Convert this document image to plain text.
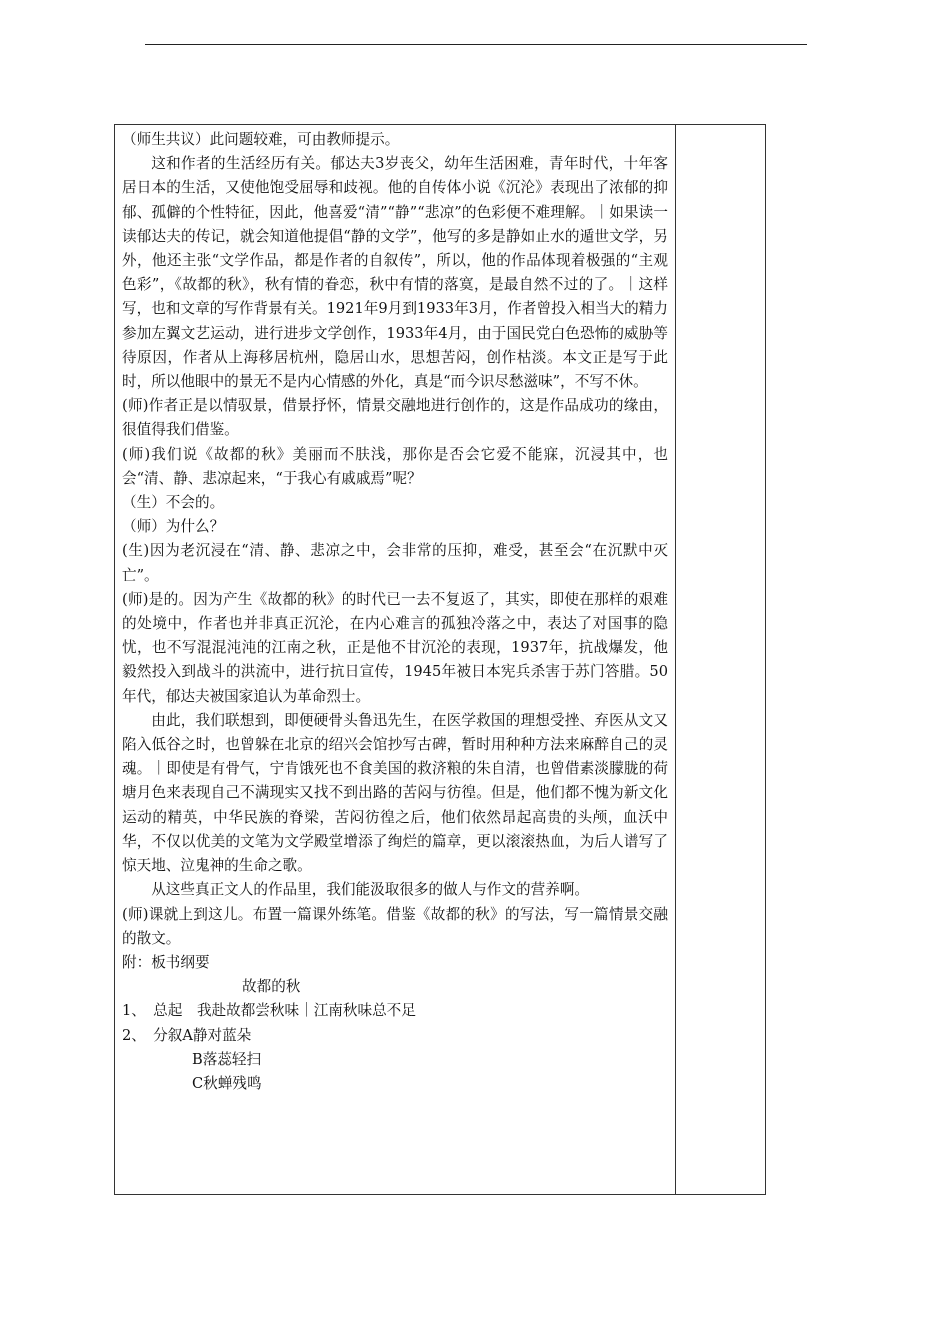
（师生共议）此问题较难，可由教师提示。

这和作者的生活经历有关。郁达夫3岁丧父，幼年生活困难，青年时代，十年客居日本的生活，又使他饱受屈辱和歧视。他的自传体小说《沉沦》表现出了浓郁的抑郁、孤僻的个性特征，因此，他喜爱“清”“静”“悲凉”的色彩便不难理解。｜如果读一读郁达夫的传记，就会知道他提倡“静的文学”，他写的多是静如止水的遁世文学，另外，他还主张“文学作品，都是作者的自叙传”，所以，他的作品体现着极强的“主观色彩”，《故都的秋》，秋有情的眷恋，秋中有情的落寞，是最自然不过的了。｜这样写，也和文章的写作背景有关。1921年9月到1933年3月，作者曾投入相当大的精力参加左翼文艺运动，进行进步文学创作，1933年4月，由于国民党白色恐怖的威胁等待原因，作者从上海移居杭州，隐居山水，思想苦闷，创作枯淡。本文正是写于此时，所以他眼中的景无不是内心情感的外化，真是“而今识尽愁滋味”，不写不休。

(师)作者正是以情驭景，借景抒怀，情景交融地进行创作的，这是作品成功的缘由，很值得我们借鉴。

(师)我们说《故都的秋》美丽而不肤浅，那你是否会它爱不能寐，沉浸其中，也会“清、静、悲凉起来，“于我心有戚戚焉”呢？

（生）不会的。

（师）为什么？

(生)因为老沉浸在“清、静、悲凉之中，会非常的压抑，难受，甚至会“在沉默中灭亡”。

(师)是的。因为产生《故都的秋》的时代已一去不复返了，其实，即使在那样的艰难的处境中，作者也并非真正沉沦，在内心难言的孤独冷落之中，表达了对国事的隐忧，也不写混混沌沌的江南之秋，正是他不甘沉沦的表现，1937年，抗战爆发，他毅然投入到战斗的洪流中，进行抗日宣传，1945年被日本宪兵杀害于苏门答腊。50年代，郁达夫被国家追认为革命烈士。

由此，我们联想到，即便硬骨头鲁迅先生，在医学救国的理想受挫、弃医从文又陷入低谷之时，也曾躲在北京的绍兴会馆抄写古碑，暂时用种种方法来麻醉自己的灵魂。｜即使是有骨气，宁肯饿死也不食美国的救济粮的朱自清，也曾借素淡朦胧的荷塘月色来表现自己不满现实又找不到出路的苦闷与彷徨。但是，他们都不愧为新文化运动的精英，中华民族的脊梁，苦闷彷徨之后，他们依然昂起高贵的头颅，血沃中华，不仅以优美的文笔为文学殿堂增添了绚烂的篇章，更以滚滚热血，为后人谱写了惊天地、泣鬼神的生命之歌。

从这些真正文人的作品里，我们能汲取很多的做人与作文的营养啊。

(师)课就上到这儿。布置一篇课外练笔。借鉴《故都的秋》的写法，写一篇情景交融的散文。

附：板书纲要

故都的秋

1、　总起　我赴故都尝秋味｜江南秋味总不足

2、　分叙A静对蓝朵

B落蕊轻扫

C秋蝉残鸣
